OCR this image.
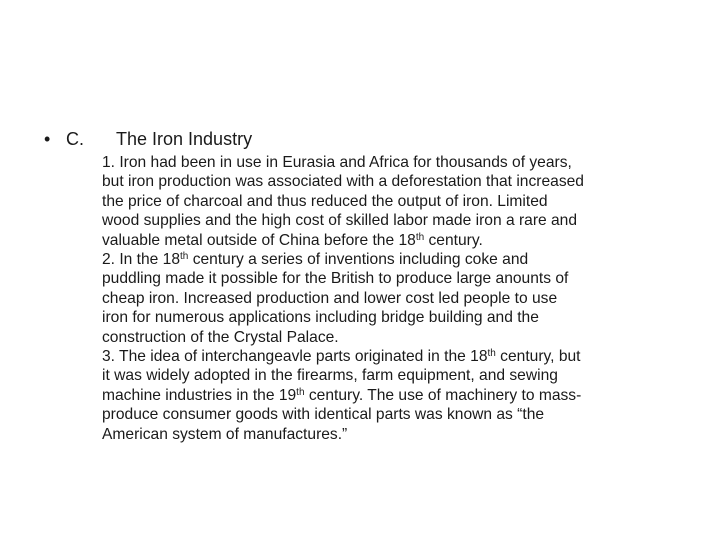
• C. The Iron Industry
1. Iron had been in use in Eurasia and Africa for thousands of years,
but iron production was associated with a deforestation that increased
the price of charcoal and thus reduced the output of iron. Limited
wood supplies and the high cost of skilled labor made iron a rare and
valuable metal outside of China before the 18th century.
2. In the 18th century a series of inventions including coke and
puddling made it possible for the British to produce large anounts of
cheap iron. Increased production and lower cost led people to use
iron for numerous applications including bridge building and the
construction of the Crystal Palace.
3. The idea of interchangeavle parts originated in the 18th century, but
it was widely adopted in the firearms, farm equipment, and sewing
machine industries in the 19th century. The use of machinery to mass-
produce consumer goods with identical parts was known as “the
American system of manufactures.”
